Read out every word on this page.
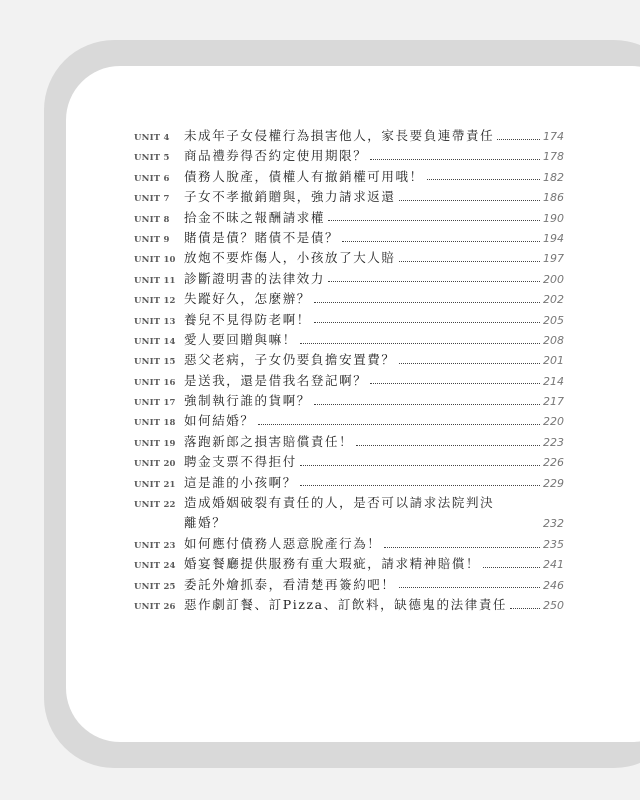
UNIT 4	未成年子女侵權行為損害他人，家長要負連帶責任	174
UNIT 5	商品禮券得否約定使用期限？	178
UNIT 6	債務人脫產，債權人有撤銷權可用哦！	182
UNIT 7	子女不孝撤銷贈與，強力請求返還	186
UNIT 8	拾金不昧之報酬請求權	190
UNIT 9	賭債是債？賭債不是債？	194
UNIT 10 放炮不要炸傷人，小孩放了大人賠	197
UNIT 11 診斷證明書的法律效力	200
UNIT 12 失蹤好久，怎麼辦？	202
UNIT 13 養兒不見得防老啊！	205
UNIT 14 愛人要回贈與嘛！	208
UNIT 15 惡父老病，子女仍要負擔安置費？	201
UNIT 16 是送我，還是借我名登記啊？	214
UNIT 17 強制執行誰的貨啊？	217
UNIT 18 如何結婚？	220
UNIT 19 落跑新郎之損害賠償責任！	223
UNIT 20 聘金支票不得拒付	226
UNIT 21 這是誰的小孩啊？	229
UNIT 22 造成婚姻破裂有責任的人，是否可以請求法院判決
離婚？	232
UNIT 23 如何應付債務人惡意脫產行為！	235
UNIT 24 婚宴餐廳提供服務有重大瑕疵，請求精神賠償！	241
UNIT 25 委託外燴抓泰，看清楚再簽約吧！	246
UNIT 26 惡作劇訂餐、訂Pizza、訂飲料，缺德鬼的法律責任	250
